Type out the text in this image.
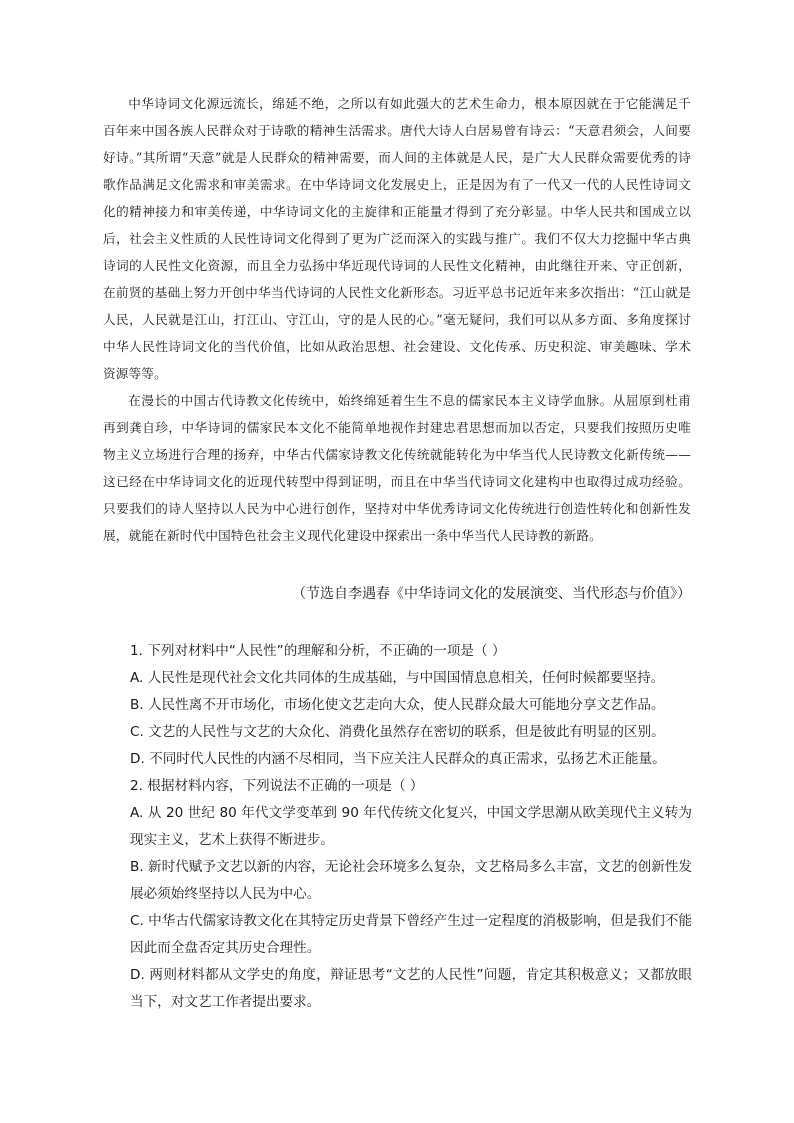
中华诗词文化源远流长，绵延不绝，之所以有如此强大的艺术生命力，根本原因就在于它能满足千百年来中国各族人民群众对于诗歌的精神生活需求。唐代大诗人白居易曾有诗云：“天意君须会，人间要好诗。”其所谓“天意”就是人民群众的精神需要，而人间的主体就是人民，是广大人民群众需要优秀的诗歌作品满足文化需求和审美需求。在中华诗词文化发展史上，正是因为有了一代又一代的人民性诗词文化的精神接力和审美传递，中华诗词文化的主旋律和正能量才得到了充分彰显。中华人民共和国成立以后，社会主义性质的人民性诗词文化得到了更为广泛而深入的实践与推广。我们不仅大力挖掘中华古典诗词的人民性文化资源，而且全力弘扬中华近现代诗词的人民性文化精神，由此继往开来、守正创新，在前贤的基础上努力开创中华当代诗词的人民性文化新形态。习近平总书记近年来多次指出：“江山就是人民，人民就是江山，打江山、守江山，守的是人民的心。”毫无疑问，我们可以从多方面、多角度探讨中华人民性诗词文化的当代价值，比如从政治思想、社会建设、文化传承、历史积淀、审美趣味、学术资源等等。

在漫长的中国古代诗教文化传统中，始终绵延着生生不息的儒家民本主义诗学血脉。从屈原到杜甫再到龚自珍，中华诗词的儒家民本文化不能简单地视作封建忠君思想而加以否定，只要我们按照历史唯物主义立场进行合理的扬弃，中华古代儒家诗教文化传统就能转化为中华当代人民诗教文化新传统——这已经在中华诗词文化的近现代转型中得到证明，而且在中华当代诗词文化建构中也取得过成功经验。只要我们的诗人坚持以人民为中心进行创作，坚持对中华优秀诗词文化传统进行创造性转化和创新性发展，就能在新时代中国特色社会主义现代化建设中探索出一条中华当代人民诗教的新路。

（节选自李遇春《中华诗词文化的发展演变、当代形态与价值》）

1. 下列对材料中“人民性”的理解和分析，不正确的一项是（ ）

A. 人民性是现代社会文化共同体的生成基础，与中国国情息息相关，任何时候都要坚持。

B. 人民性离不开市场化，市场化使文艺走向大众，使人民群众最大可能地分享文艺作品。

C. 文艺的人民性与文艺的大众化、消费化虽然存在密切的联系，但是彼此有明显的区别。

D. 不同时代人民性的内涵不尽相同，当下应关注人民群众的真正需求，弘扬艺术正能量。

2. 根据材料内容，下列说法不正确的一项是（ ）

A. 从 20 世纪 80 年代文学变革到 90 年代传统文化复兴，中国文学思潮从欧美现代主义转为现实主义，艺术上获得不断进步。

B. 新时代赋予文艺以新的内容，无论社会环境多么复杂，文艺格局多么丰富，文艺的创新性发展必须始终坚持以人民为中心。

C. 中华古代儒家诗教文化在其特定历史背景下曾经产生过一定程度的消极影响，但是我们不能因此而全盘否定其历史合理性。

D. 两则材料都从文学史的角度，辩证思考“文艺的人民性”问题，肯定其积极意义；又都放眼当下，对文艺工作者提出要求。
